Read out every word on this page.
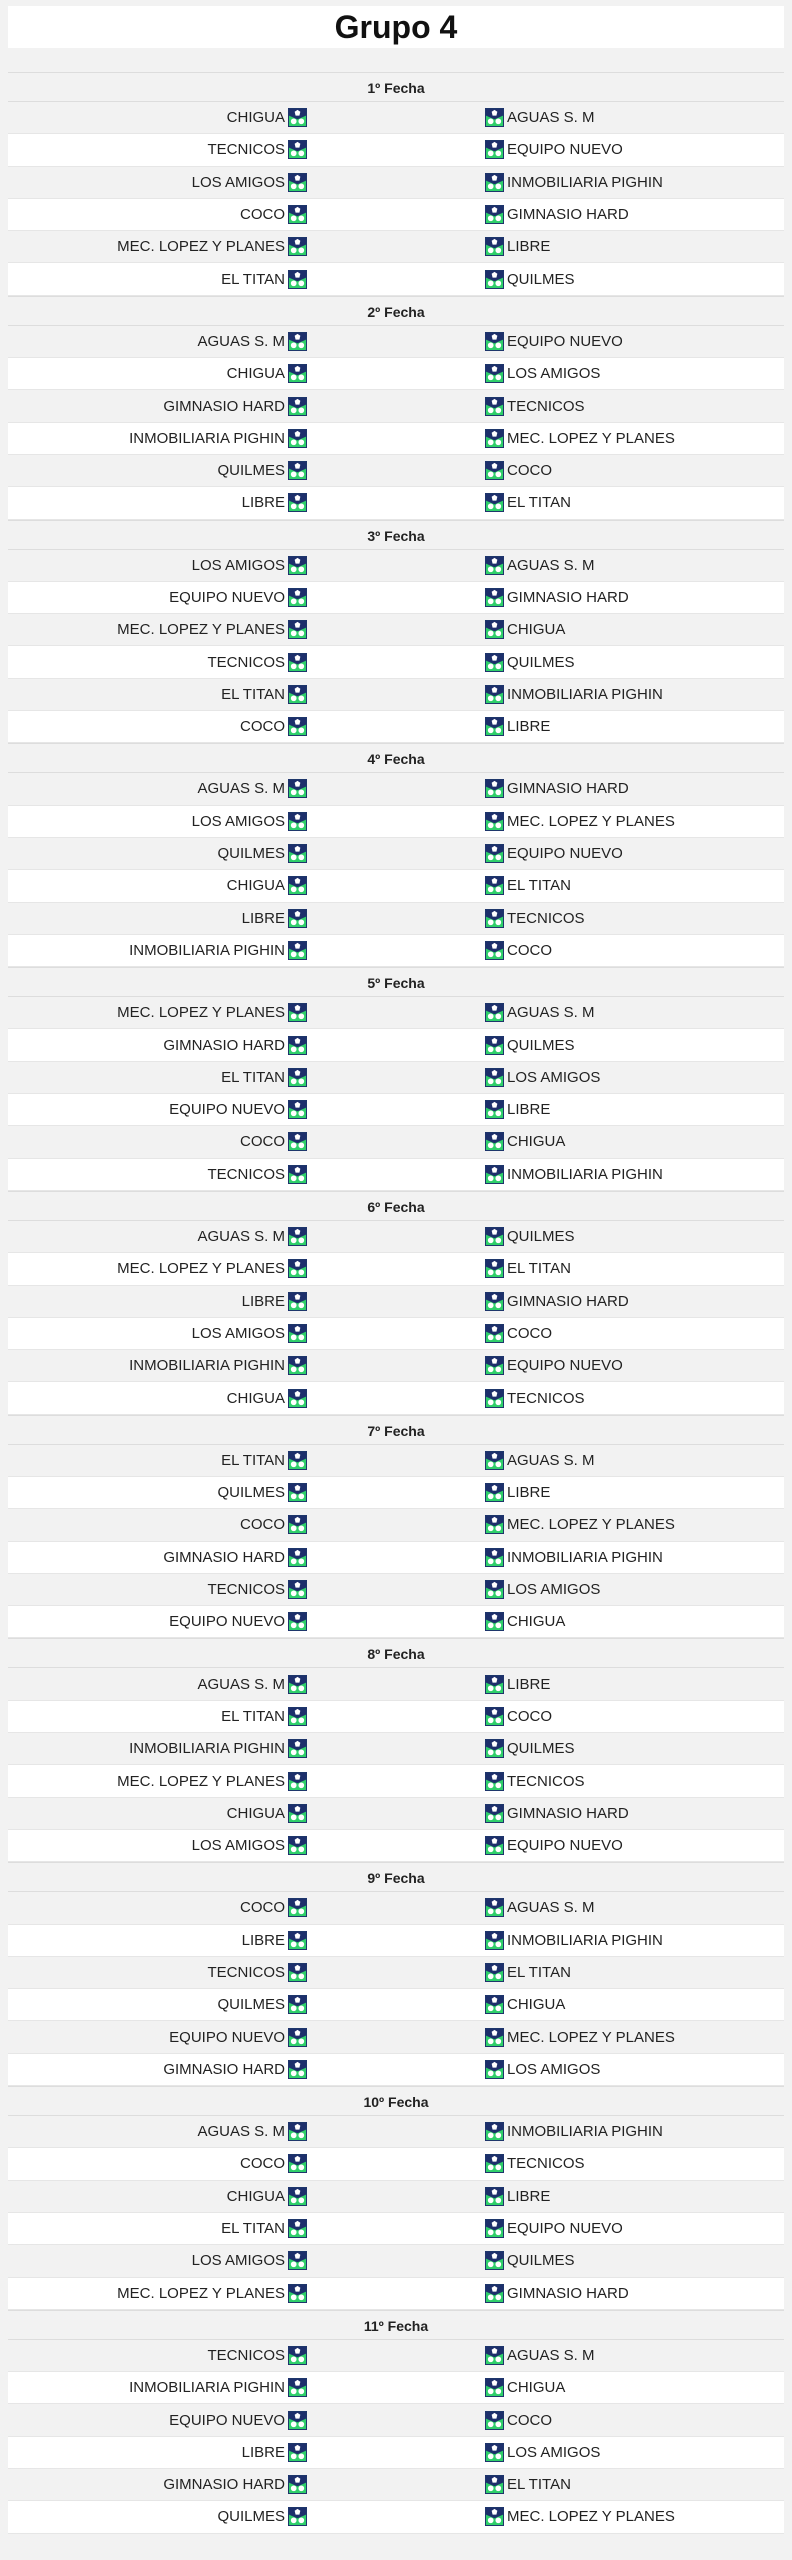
Grupo 4
1º Fecha
CHIGUA	AGUAS S. M
TECNICOS	EQUIPO NUEVO
LOS AMIGOS	INMOBILIARIA PIGHIN
COCO	GIMNASIO HARD
MEC. LOPEZ Y PLANES	LIBRE
EL TITAN	QUILMES
2º Fecha
AGUAS S. M	EQUIPO NUEVO
CHIGUA	LOS AMIGOS
GIMNASIO HARD	TECNICOS
INMOBILIARIA PIGHIN	MEC. LOPEZ Y PLANES
QUILMES	COCO
LIBRE	EL TITAN
3º Fecha
LOS AMIGOS	AGUAS S. M
EQUIPO NUEVO	GIMNASIO HARD
MEC. LOPEZ Y PLANES	CHIGUA
TECNICOS	QUILMES
EL TITAN	INMOBILIARIA PIGHIN
COCO	LIBRE
4º Fecha
AGUAS S. M	GIMNASIO HARD
LOS AMIGOS	MEC. LOPEZ Y PLANES
QUILMES	EQUIPO NUEVO
CHIGUA	EL TITAN
LIBRE	TECNICOS
INMOBILIARIA PIGHIN	COCO
5º Fecha
MEC. LOPEZ Y PLANES	AGUAS S. M
GIMNASIO HARD	QUILMES
EL TITAN	LOS AMIGOS
EQUIPO NUEVO	LIBRE
COCO	CHIGUA
TECNICOS	INMOBILIARIA PIGHIN
6º Fecha
AGUAS S. M	QUILMES
MEC. LOPEZ Y PLANES	EL TITAN
LIBRE	GIMNASIO HARD
LOS AMIGOS	COCO
INMOBILIARIA PIGHIN	EQUIPO NUEVO
CHIGUA	TECNICOS
7º Fecha
EL TITAN	AGUAS S. M
QUILMES	LIBRE
COCO	MEC. LOPEZ Y PLANES
GIMNASIO HARD	INMOBILIARIA PIGHIN
TECNICOS	LOS AMIGOS
EQUIPO NUEVO	CHIGUA
8º Fecha
AGUAS S. M	LIBRE
EL TITAN	COCO
INMOBILIARIA PIGHIN	QUILMES
MEC. LOPEZ Y PLANES	TECNICOS
CHIGUA	GIMNASIO HARD
LOS AMIGOS	EQUIPO NUEVO
9º Fecha
COCO	AGUAS S. M
LIBRE	INMOBILIARIA PIGHIN
TECNICOS	EL TITAN
QUILMES	CHIGUA
EQUIPO NUEVO	MEC. LOPEZ Y PLANES
GIMNASIO HARD	LOS AMIGOS
10º Fecha
AGUAS S. M	INMOBILIARIA PIGHIN
COCO	TECNICOS
CHIGUA	LIBRE
EL TITAN	EQUIPO NUEVO
LOS AMIGOS	QUILMES
MEC. LOPEZ Y PLANES	GIMNASIO HARD
11º Fecha
TECNICOS	AGUAS S. M
INMOBILIARIA PIGHIN	CHIGUA
EQUIPO NUEVO	COCO
LIBRE	LOS AMIGOS
GIMNASIO HARD	EL TITAN
QUILMES	MEC. LOPEZ Y PLANES
